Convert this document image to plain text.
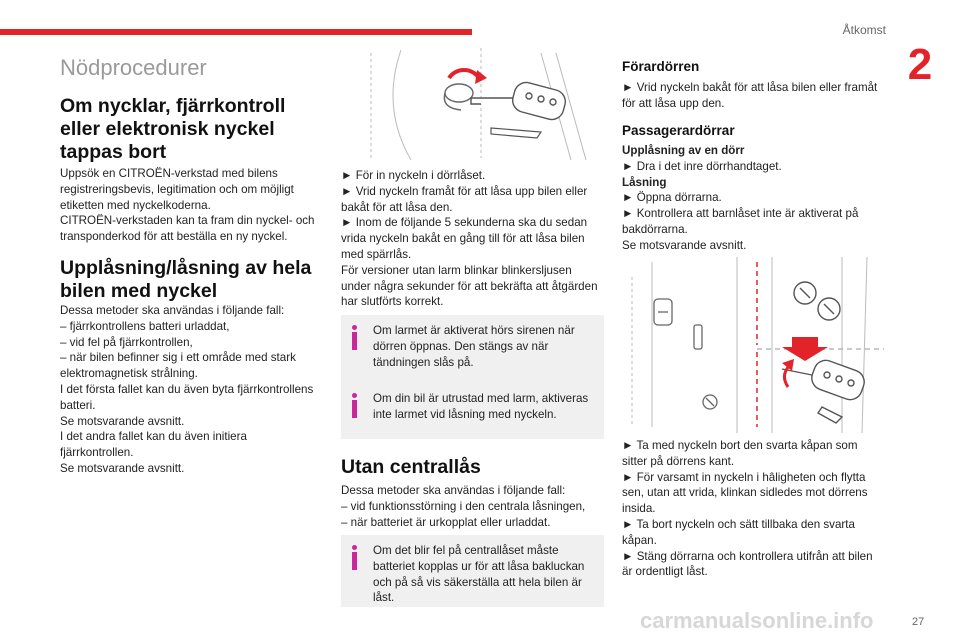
Åtkomst
2
Nödprocedurer
Om nycklar, fjärrkontroll eller elektronisk nyckel tappas bort

Uppsök en CITROËN-verkstad med bilens registreringsbevis, legitimation och om möjligt etiketten med nyckelkoderna.

CITROËN-verkstaden kan ta fram din nyckel- och transponderkod för att beställa en ny nyckel.

Upplåsning/låsning av hela bilen med nyckel

Dessa metoder ska användas i följande fall:

– fjärrkontrollens batteri urladdat,

– vid fel på fjärrkontrollen,

– när bilen befinner sig i ett område med stark elektromagnetisk strålning.

I det första fallet kan du även byta fjärrkontrollens batteri.

Se motsvarande avsnitt.

I det andra fallet kan du även initiera fjärrkontrollen.

Se motsvarande avsnitt.

► För in nyckeln i dörrlåset.

► Vrid nyckeln framåt för att låsa upp bilen eller bakåt för att låsa den.

► Inom de följande 5 sekunderna ska du sedan vrida nyckeln bakåt en gång till för att låsa bilen med spärrlås.

För versioner utan larm blinkar blinkersljusen under några sekunder för att bekräfta att åtgärden har slutförts korrekt.

Om larmet är aktiverat hörs sirenen när dörren öppnas. Den stängs av när tändningen slås på.
Om din bil är utrustad med larm, aktiveras inte larmet vid låsning med nyckeln.
Utan centrallås

Dessa metoder ska användas i följande fall:

– vid funktionsstörning i den centrala låsningen,

– när batteriet är urkopplat eller urladdat.

Om det blir fel på centrallåset måste batteriet kopplas ur för att låsa bakluckan och på så vis säkerställa att hela bilen är låst.
Förardörren

► Vrid nyckeln bakåt för att låsa bilen eller framåt för att låsa upp den.

Passagerardörrar
Upplåsning av en dörr

► Dra i det inre dörrhandtaget.

Låsning

► Öppna dörrarna.

► Kontrollera att barnlåset inte är aktiverat på bakdörrarna.

Se motsvarande avsnitt.

► Ta med nyckeln bort den svarta kåpan som sitter på dörrens kant.

► För varsamt in nyckeln i hâligheten och flytta sen, utan att vrida, klinkan sidledes mot dörrens insida.

► Ta bort nyckeln och sätt tillbaka den svarta kåpan.

► Stäng dörrarna och kontrollera utifrån att bilen är ordentligt låst.

carmanualsonline.info	27
